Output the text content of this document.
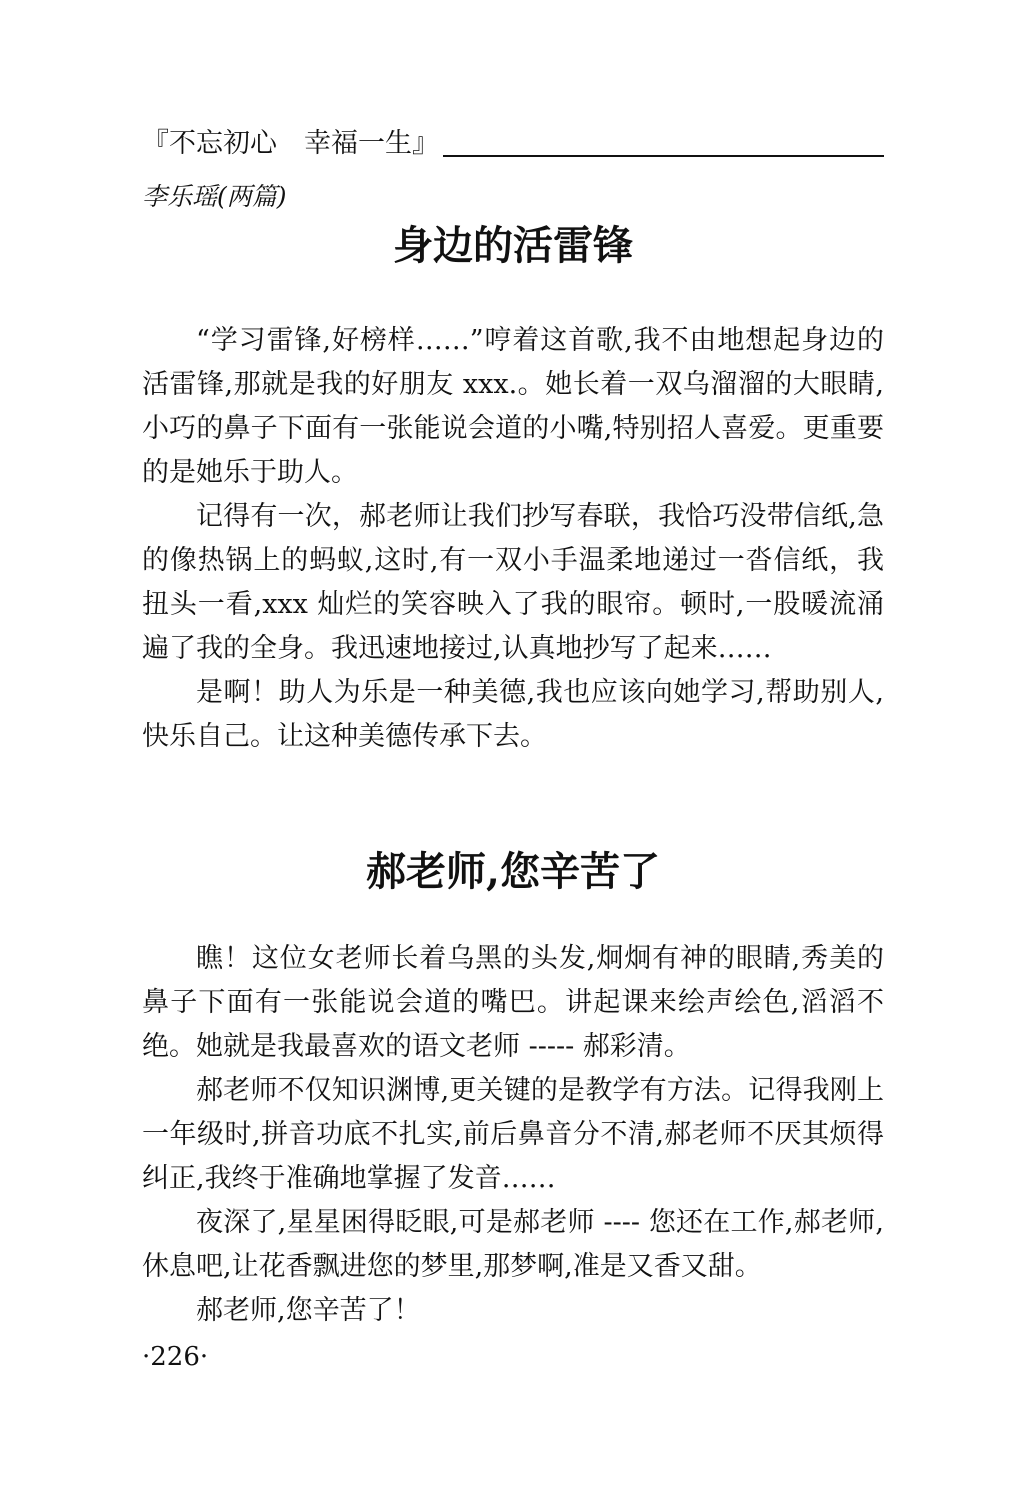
『不忘初心　幸福一生』
李乐瑶(两篇)
身边的活雷锋

“学习雷锋,好榜样……”哼着这首歌,我不由地想起身边的活雷锋,那就是我的好朋友 xxx.。她长着一双乌溜溜的大眼睛,小巧的鼻子下面有一张能说会道的小嘴,特别招人喜爱。更重要的是她乐于助人。

记得有一次，郝老师让我们抄写春联，我恰巧没带信纸,急的像热锅上的蚂蚁,这时,有一双小手温柔地递过一沓信纸，我扭头一看,xxx 灿烂的笑容映入了我的眼帘。顿时,一股暖流涌遍了我的全身。我迅速地接过,认真地抄写了起来……

是啊！助人为乐是一种美德,我也应该向她学习,帮助别人,快乐自己。让这种美德传承下去。

郝老师,您辛苦了

瞧！这位女老师长着乌黑的头发,炯炯有神的眼睛,秀美的鼻子下面有一张能说会道的嘴巴。讲起课来绘声绘色,滔滔不绝。她就是我最喜欢的语文老师 ----- 郝彩清。

郝老师不仅知识渊博,更关键的是教学有方法。记得我刚上一年级时,拼音功底不扎实,前后鼻音分不清,郝老师不厌其烦得纠正,我终于准确地掌握了发音……

夜深了,星星困得眨眼,可是郝老师 ---- 您还在工作,郝老师,休息吧,让花香飘进您的梦里,那梦啊,准是又香又甜。

郝老师,您辛苦了！

·226·
